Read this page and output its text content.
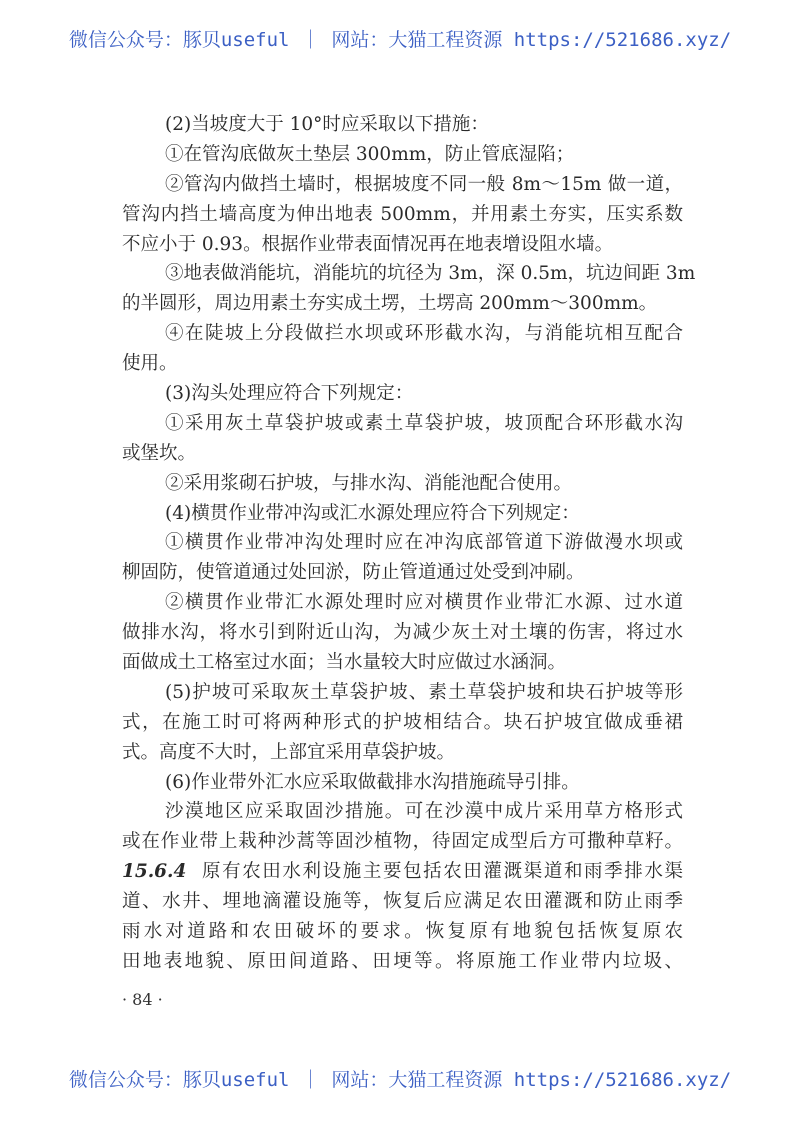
微信公众号：豚贝useful ｜ 网站：大猫工程资源 https://521686.xyz/
(2)当坡度大于 10°时应采取以下措施：
①在管沟底做灰土垫层 300mm，防止管底湿陷；
②管沟内做挡土墙时，根据坡度不同一般 8m～15m 做一道，
管沟内挡土墙高度为伸出地表 500mm，并用素土夯实，压实系数
不应小于 0.93。根据作业带表面情况再在地表增设阻水墙。
③地表做消能坑，消能坑的坑径为 3m，深 0.5m，坑边间距 3m
的半圆形，周边用素土夯实成土塄，土塄高 200mm～300mm。
④在陡坡上分段做拦水坝或环形截水沟，与消能坑相互配合
使用。
(3)沟头处理应符合下列规定：
①采用灰土草袋护坡或素土草袋护坡，坡顶配合环形截水沟
或堡坎。
②采用浆砌石护坡，与排水沟、消能池配合使用。
(4)横贯作业带冲沟或汇水源处理应符合下列规定：
①横贯作业带冲沟处理时应在冲沟底部管道下游做漫水坝或
柳固防，使管道通过处回淤，防止管道通过处受到冲刷。
②横贯作业带汇水源处理时应对横贯作业带汇水源、过水道
做排水沟，将水引到附近山沟，为减少灰土对土壤的伤害，将过水
面做成土工格室过水面；当水量较大时应做过水涵洞。
(5)护坡可采取灰土草袋护坡、素土草袋护坡和块石护坡等形
式，在施工时可将两种形式的护坡相结合。块石护坡宜做成垂裙
式。高度不大时，上部宜采用草袋护坡。
(6)作业带外汇水应采取做截排水沟措施疏导引排。
沙漠地区应采取固沙措施。可在沙漠中成片采用草方格形式
或在作业带上栽种沙蒿等固沙植物，待固定成型后方可撒种草籽。
15.6.4 原有农田水利设施主要包括农田灌溉渠道和雨季排水渠
道、水井、埋地滴灌设施等，恢复后应满足农田灌溉和防止雨季
雨水对道路和农田破坏的要求。恢复原有地貌包括恢复原农
田地表地貌、原田间道路、田埂等。将原施工作业带内垃圾、
· 84 ·
微信公众号：豚贝useful ｜ 网站：大猫工程资源 https://521686.xyz/
